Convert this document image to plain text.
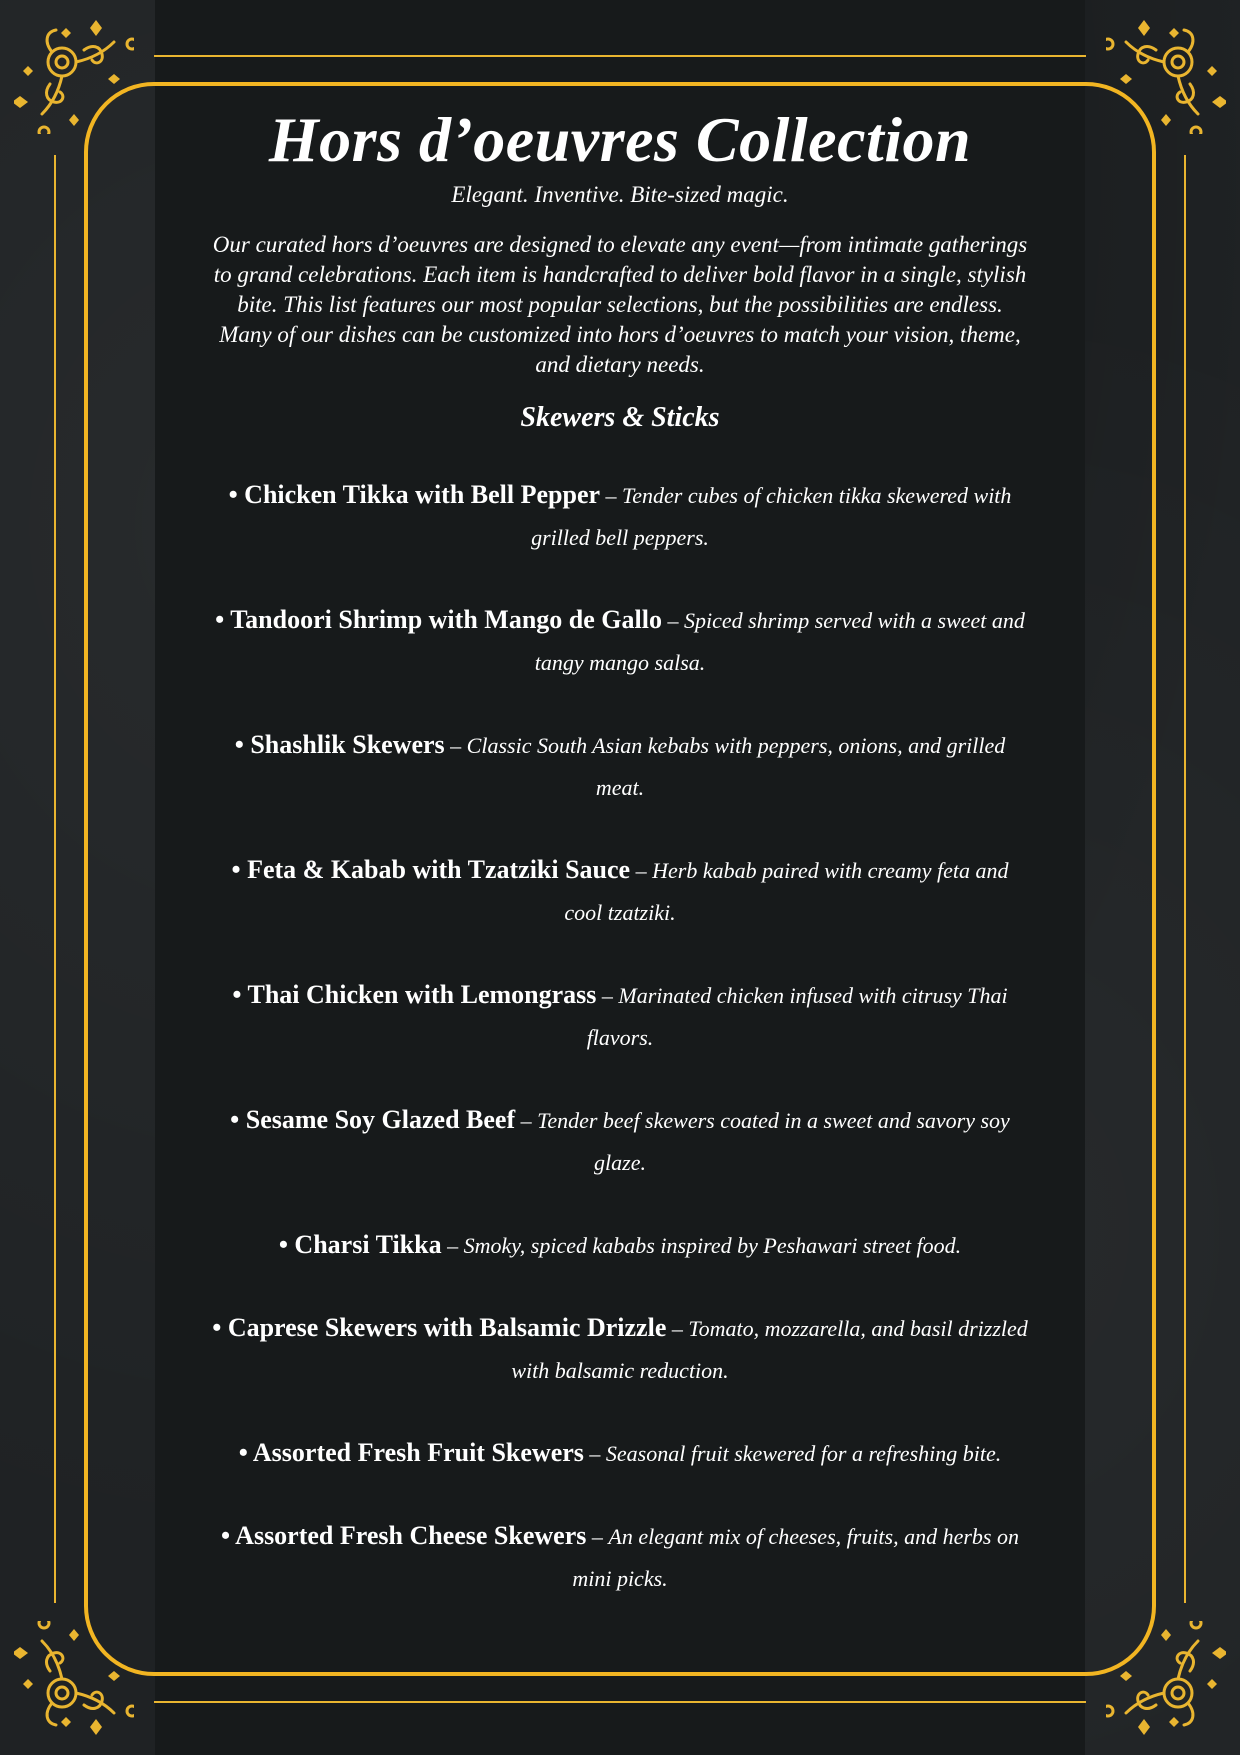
Hors d’oeuvres Collection

Elegant. Inventive. Bite-sized magic.

Our curated hors d’oeuvres are designed to elevate any event—from intimate gatherings to grand celebrations. Each item is handcrafted to deliver bold flavor in a single, stylish bite. This list features our most popular selections, but the possibilities are endless. Many of our dishes can be customized into hors d’oeuvres to match your vision, theme, and dietary needs.

Skewers & Sticks
• Chicken Tikka with Bell Pepper – Tender cubes of chicken tikka skewered with grilled bell peppers.
• Tandoori Shrimp with Mango de Gallo – Spiced shrimp served with a sweet and tangy mango salsa.
• Shashlik Skewers – Classic South Asian kebabs with peppers, onions, and grilled meat.
• Feta & Kabab with Tzatziki Sauce – Herb kabab paired with creamy feta and cool tzatziki.
• Thai Chicken with Lemongrass – Marinated chicken infused with citrusy Thai flavors.
• Sesame Soy Glazed Beef – Tender beef skewers coated in a sweet and savory soy glaze.
• Charsi Tikka – Smoky, spiced kababs inspired by Peshawari street food.
• Caprese Skewers with Balsamic Drizzle – Tomato, mozzarella, and basil drizzled with balsamic reduction.
• Assorted Fresh Fruit Skewers – Seasonal fruit skewered for a refreshing bite.
• Assorted Fresh Cheese Skewers – An elegant mix of cheeses, fruits, and herbs on mini picks.
